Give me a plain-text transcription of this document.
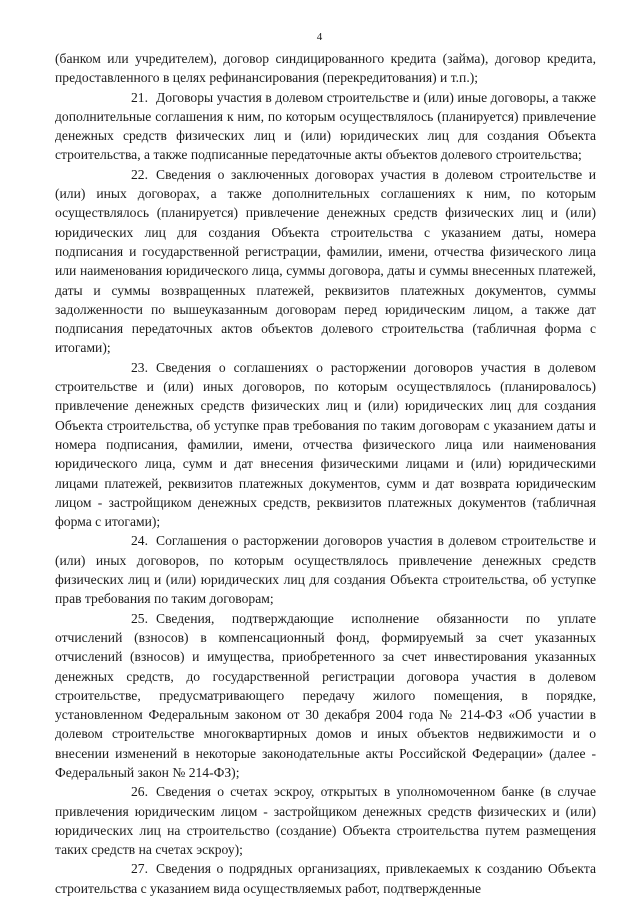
4

(банком или учредителем), договор синдицированного кредита (займа), договор кредита, предоставленного в целях рефинансирования (перекредитования) и т.п.);

21. Договоры участия в долевом строительстве и (или) иные договоры, а также дополнительные соглашения к ним, по которым осуществлялось (планируется) привлечение денежных средств физических лиц и (или) юридических лиц для создания Объекта строительства, а также подписанные передаточные акты объектов долевого строительства;

22. Сведения о заключенных договорах участия в долевом строительстве и (или) иных договорах, а также дополнительных соглашениях к ним, по которым осуществлялось (планируется) привлечение денежных средств физических лиц и (или) юридических лиц для создания Объекта строительства с указанием даты, номера подписания и государственной регистрации, фамилии, имени, отчества физического лица или наименования юридического лица, суммы договора, даты и суммы внесенных платежей, даты и суммы возвращенных платежей, реквизитов платежных документов, суммы задолженности по вышеуказанным договорам перед юридическим лицом, а также дат подписания передаточных актов объектов долевого строительства (табличная форма с итогами);

23. Сведения о соглашениях о расторжении договоров участия в долевом строительстве и (или) иных договоров, по которым осуществлялось (планировалось) привлечение денежных средств физических лиц и (или) юридических лиц для создания Объекта строительства, об уступке прав требования по таким договорам с указанием даты и номера подписания, фамилии, имени, отчества физического лица или наименования юридического лица, сумм и дат внесения физическими лицами и (или) юридическими лицами платежей, реквизитов платежных документов, сумм и дат возврата юридическим лицом - застройщиком денежных средств, реквизитов платежных документов (табличная форма с итогами);

24. Соглашения о расторжении договоров участия в долевом строительстве и (или) иных договоров, по которым осуществлялось привлечение денежных средств физических лиц и (или) юридических лиц для создания Объекта строительства, об уступке прав требования по таким договорам;

25. Сведения, подтверждающие исполнение обязанности по уплате отчислений (взносов) в компенсационный фонд, формируемый за счет указанных отчислений (взносов) и имущества, приобретенного за счет инвестирования указанных денежных средств, до государственной регистрации договора участия в долевом строительстве, предусматривающего передачу жилого помещения, в порядке, установленном Федеральным законом от 30 декабря 2004 года № 214-ФЗ «Об участии в долевом строительстве многоквартирных домов и иных объектов недвижимости и о внесении изменений в некоторые законодательные акты Российской Федерации» (далее - Федеральный закон № 214-ФЗ);

26. Сведения о счетах эскроу, открытых в уполномоченном банке (в случае привлечения юридическим лицом - застройщиком денежных средств физических и (или) юридических лиц на строительство (создание) Объекта строительства путем размещения таких средств на счетах эскроу);

27. Сведения о подрядных организациях, привлекаемых к созданию Объекта строительства с указанием вида осуществляемых работ, подтвержденные
